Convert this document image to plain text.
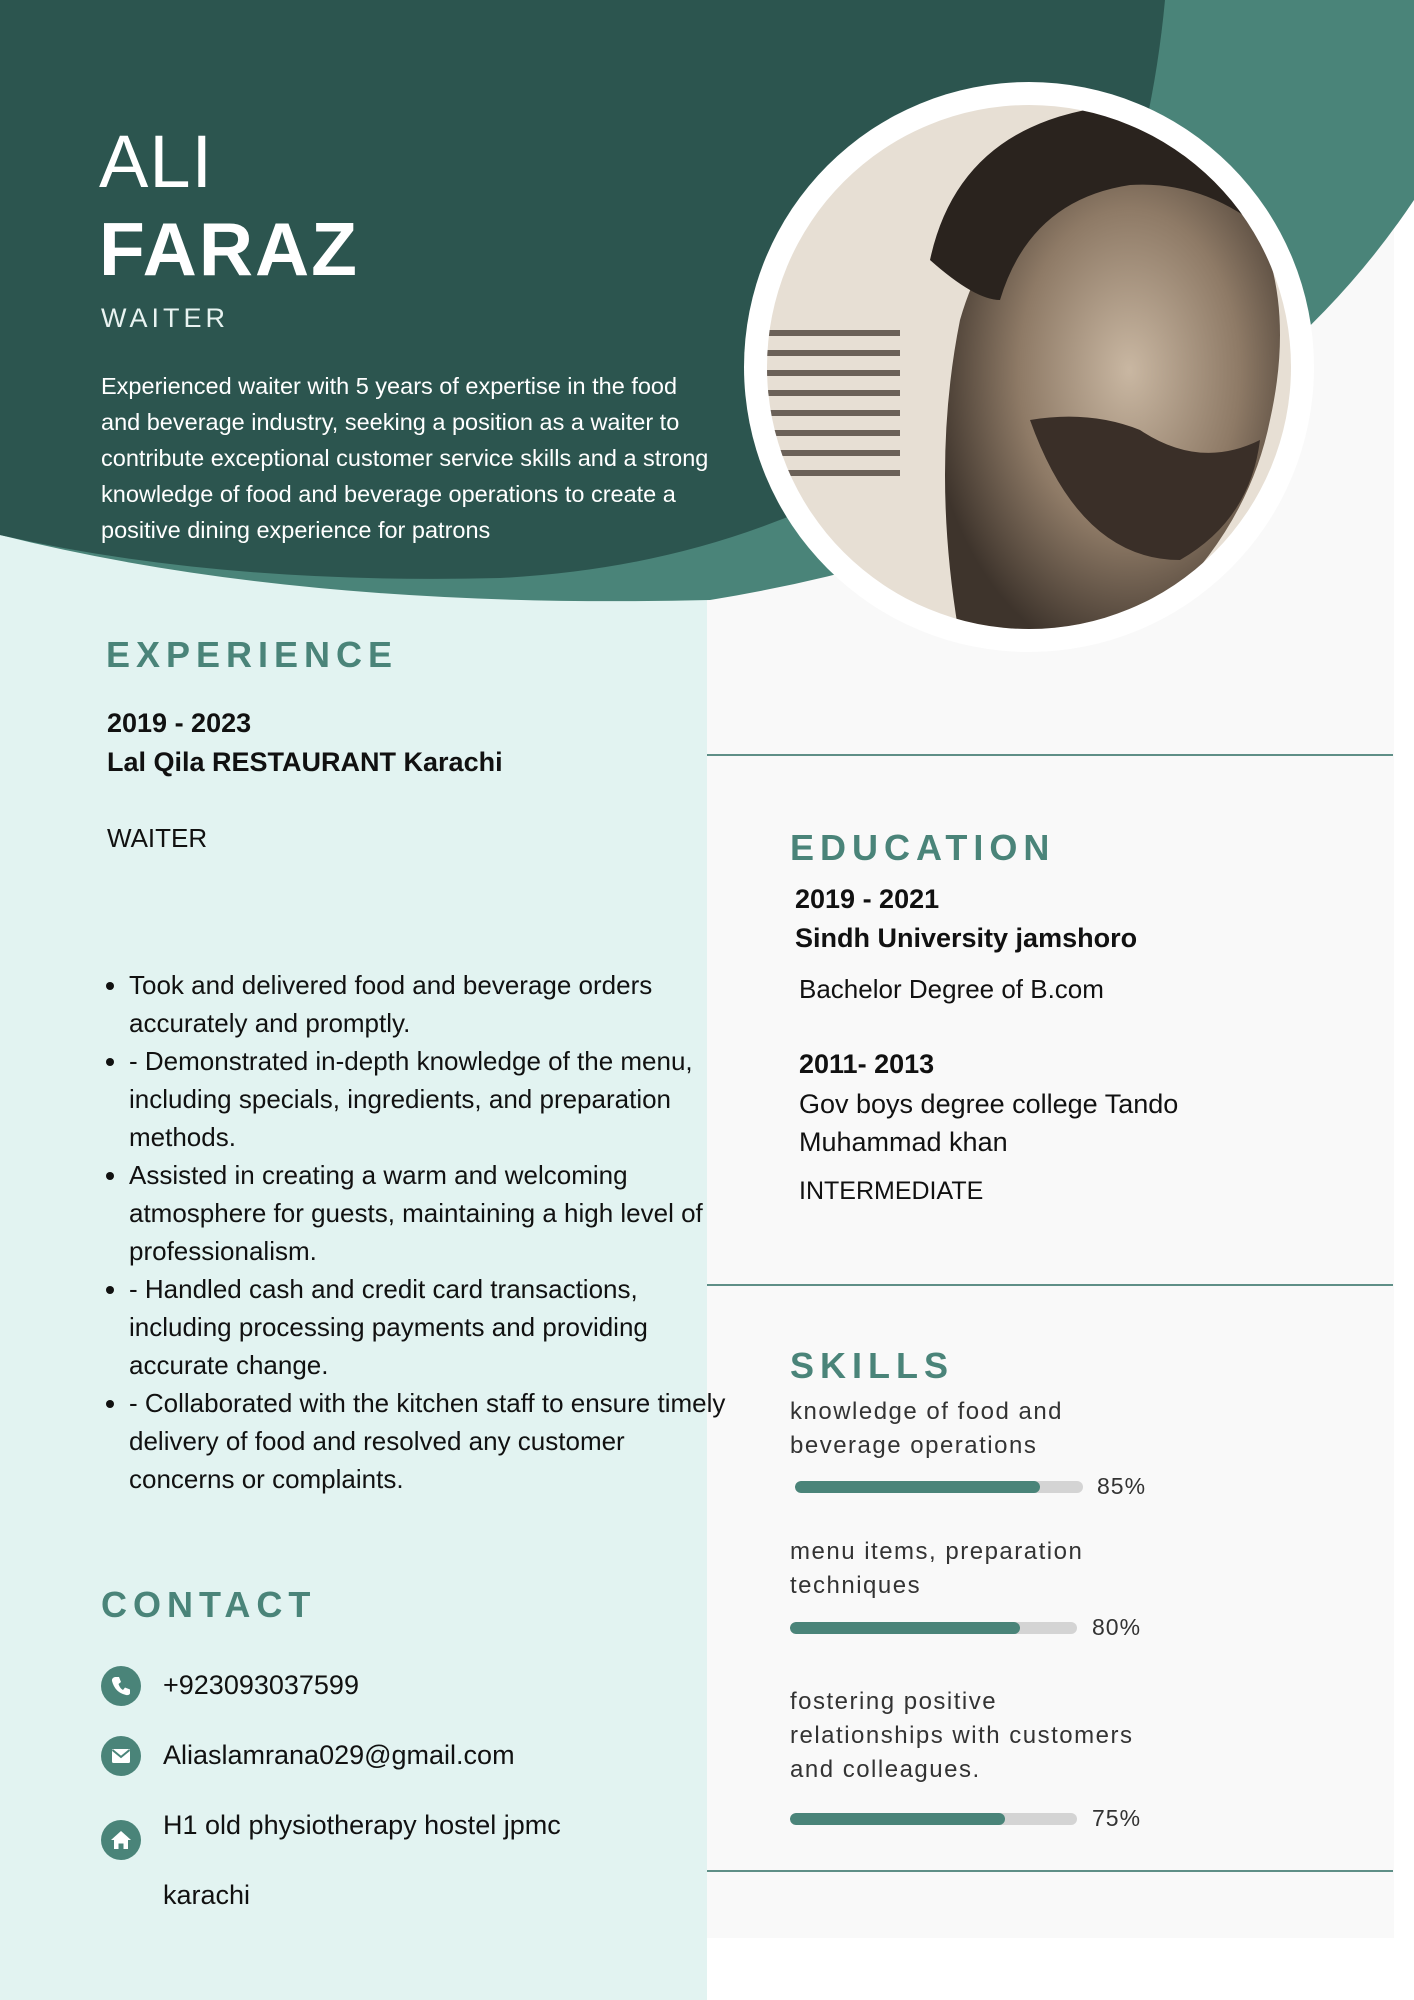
ALI
FARAZ
WAITER
Experienced waiter with 5 years of expertise in the food and beverage industry, seeking a position as a waiter to contribute exceptional customer service skills and a strong knowledge of food and beverage operations to create a positive dining experience for patrons
EXPERIENCE
2019 - 2023
Lal Qila RESTAURANT Karachi
WAITER
• Took and delivered food and beverage orders accurately and promptly.
• - Demonstrated in-depth knowledge of the menu, including specials, ingredients, and preparation methods.
• Assisted in creating a warm and welcoming atmosphere for guests, maintaining a high level of professionalism.
• - Handled cash and credit card transactions, including processing payments and providing accurate change.
• - Collaborated with the kitchen staff to ensure timely delivery of food and resolved any customer concerns or complaints.
CONTACT
+923093037599
Aliaslamrana029@gmail.com
H1 old physiotherapy hostel jpmc
karachi
EDUCATION
2019 - 2021
Sindh University jamshoro
Bachelor Degree of B.com
2011- 2013
Gov boys degree college Tando Muhammad khan
INTERMEDIATE
SKILLS
knowledge of food and beverage operations
85%
menu items, preparation techniques
80%
fostering positive relationships with customers and colleagues.
75%
